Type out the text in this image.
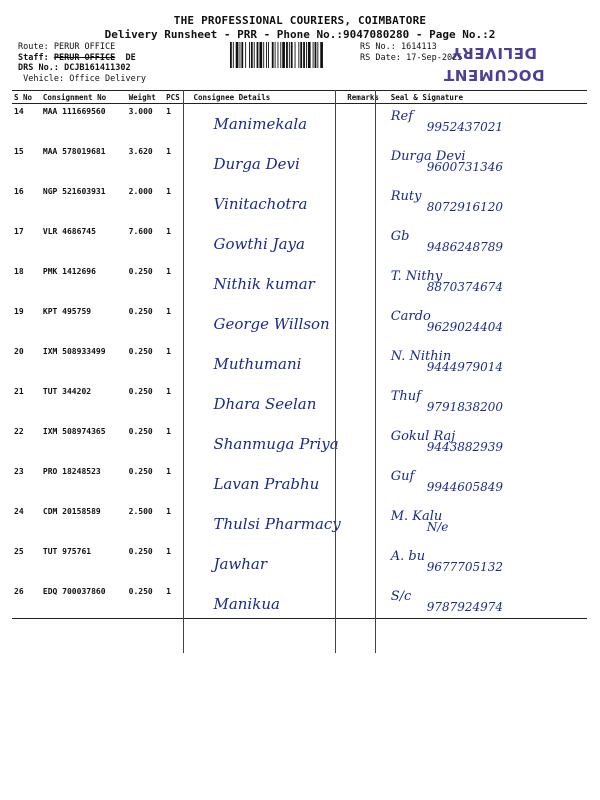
THE PROFESSIONAL COURIERS, COIMBATORE
Delivery Runsheet - PRR - Phone No.:9047080280 - Page No.:2
Route: PERUR OFFICE
Staff: PERUR OFFICE DE
DRS No.: DCJB161411302
Vehicle: Office Delivery
RS No.: 1614113
RS Date: 17-Sep-2025
DOCUMENT DELIVERY
S No	Consignment No	Weight	PCS	Consignee Details	Remarks	Seal & Signature
14	MAA 111669560	3.000	1	Manimekala		Ref
9952437021

15	MAA 578019681	3.620	1	Durga Devi		Durga Devi
9600731346

16	NGP 521603931	2.000	1	Vinitachotra		Ruty
8072916120

17	VLR 4686745	7.600	1	Gowthi Jaya		Gb
9486248789

18	PMK 1412696	0.250	1	Nithik kumar		T. Nithy
8870374674

19	KPT 495759	0.250	1	George Willson		Cardo
9629024404

20	IXM 508933499	0.250	1	Muthumani		N. Nithin
9444979014

21	TUT 344202	0.250	1	Dhara Seelan		Thuf
9791838200

22	IXM 508974365	0.250	1	Shanmuga Priya		Gokul Raj
9443882939

23	PRO 18248523	0.250	1	Lavan Prabhu		Guf
9944605849

24	CDM 20158589	2.500	1	Thulsi Pharmacy		M. Kalu
N/e

25	TUT 975761	0.250	1	Jawhar		A. bu
9677705132

26	EDQ 700037860	0.250	1	Manikua		S/c
9787924974
